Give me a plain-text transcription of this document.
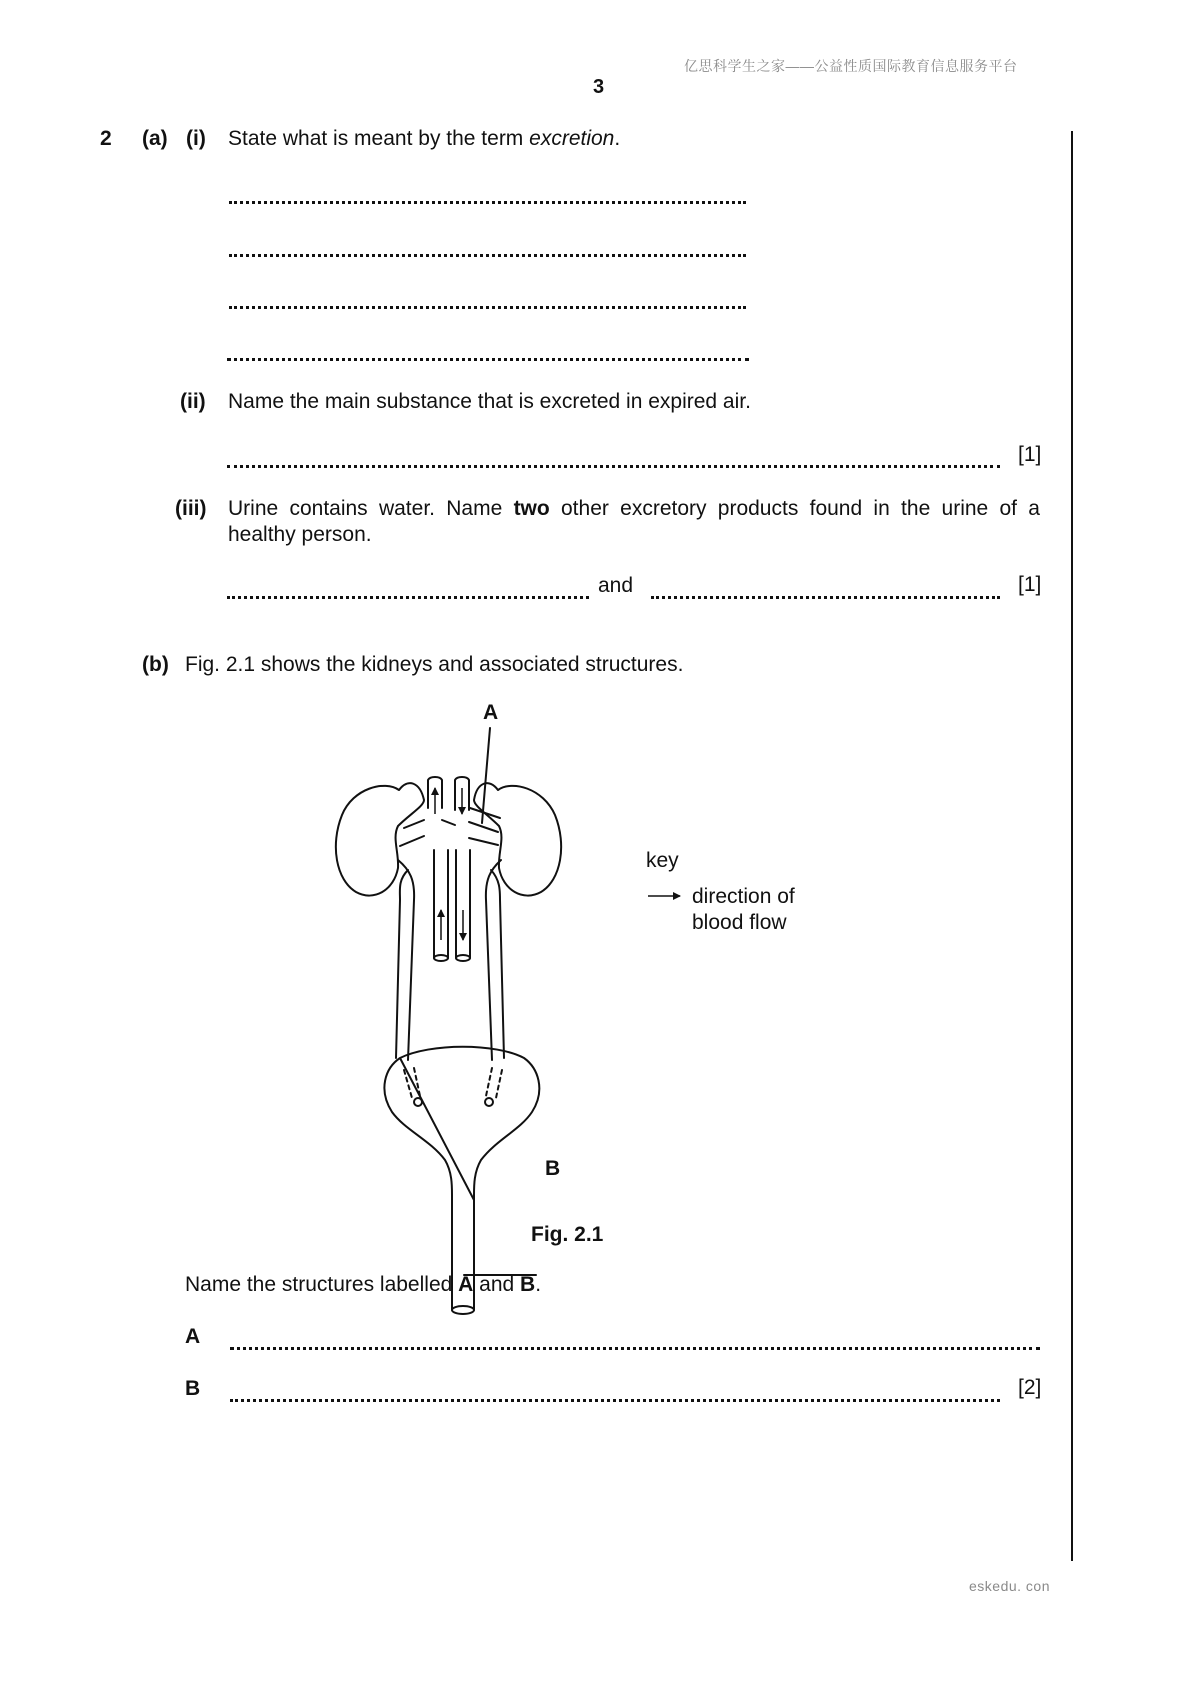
亿思科学生之家——公益性质国际教育信息服务平台
3
2 (a) (i) State what is meant by the term excretion.
(ii) Name the main substance that is excreted in expired air.
[1]
(iii) Urine contains water. Name two other excretory products found in the urine of a
healthy person.
and	[1]
(b) Fig. 2.1 shows the kidneys and associated structures.
A
B
key
direction of
blood flow
Fig. 2.1
Name the structures labelled A and B.
A
B	[2]
eskedu. con
